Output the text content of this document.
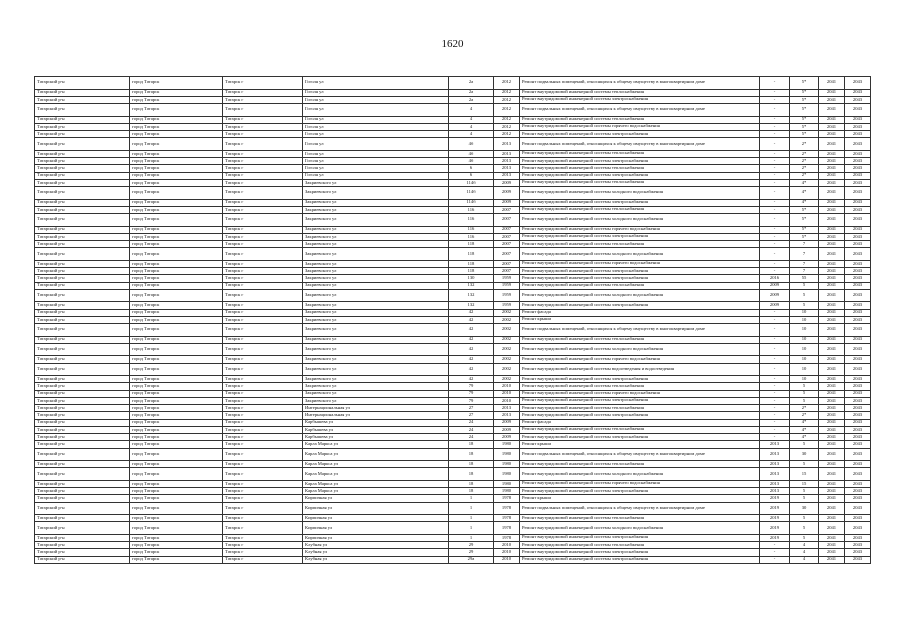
1620
Татарский р-н	город Татарск	Татарск г	Гоголя ул	2а	2012	Ремонт подвальных помещений, относящихся к общему имуществу в многоквартирном доме	-	5*	2041	2043
Татарский р-н	город Татарск	Татарск г	Гоголя ул	2а	2012	Ремонт внутридомовой инженерной системы теплоснабжения	-	5*	2041	2043
Татарский р-н	город Татарск	Татарск г	Гоголя ул	2а	2012	Ремонт внутридомовой инженерной системы электроснабжения	-	5*	2041	2043
Татарский р-н	город Татарск	Татарск г	Гоголя ул	4	2012	Ремонт подвальных помещений, относящихся к общему имуществу в многоквартирном доме	-	5*	2041	2043
Татарский р-н	город Татарск	Татарск г	Гоголя ул	4	2012	Ремонт внутридомовой инженерной системы теплоснабжения	-	5*	2041	2043
Татарский р-н	город Татарск	Татарск г	Гоголя ул	4	2012	Ремонт внутридомовой инженерной системы горячего водоснабжения	-	5*	2041	2043
Татарский р-н	город Татарск	Татарск г	Гоголя ул	4	2012	Ремонт внутридомовой инженерной системы электроснабжения	-	5*	2041	2043
Татарский р-н	город Татарск	Татарск г	Гоголя ул	4б	2013	Ремонт подвальных помещений, относящихся к общему имуществу в многоквартирном доме	-	2*	2041	2043
Татарский р-н	город Татарск	Татарск г	Гоголя ул	4б	2013	Ремонт внутридомовой инженерной системы теплоснабжения	-	2*	2041	2043
Татарский р-н	город Татарск	Татарск г	Гоголя ул	4б	2013	Ремонт внутридомовой инженерной системы электроснабжения	-	2*	2041	2043
Татарский р-н	город Татарск	Татарск г	Гоголя ул	6	2013	Ремонт внутридомовой инженерной системы теплоснабжения	-	2*	2041	2043
Татарский р-н	город Татарск	Татарск г	Гоголя ул	6	2013	Ремонт внутридомовой инженерной системы электроснабжения	-	2*	2041	2043
Татарский р-н	город Татарск	Татарск г	Закриевского ул	114б	2009	Ремонт внутридомовой инженерной системы теплоснабжения	-	4*	2041	2043
Татарский р-н	город Татарск	Татарск г	Закриевского ул	114б	2009	Ремонт внутридомовой инженерной системы холодного водоснабжения	-	4*	2041	2043
Татарский р-н	город Татарск	Татарск г	Закриевского ул	114б	2009	Ремонт внутридомовой инженерной системы электроснабжения	-	4*	2041	2043
Татарский р-н	город Татарск	Татарск г	Закриевского ул	116	2007	Ремонт внутридомовой инженерной системы теплоснабжения	-	5*	2041	2043
Татарский р-н	город Татарск	Татарск г	Закриевского ул	116	2007	Ремонт внутридомовой инженерной системы холодного водоснабжения	-	5*	2041	2043
Татарский р-н	город Татарск	Татарск г	Закриевского ул	116	2007	Ремонт внутридомовой инженерной системы горячего водоснабжения	-	5*	2041	2043
Татарский р-н	город Татарск	Татарск г	Закриевского ул	116	2007	Ремонт внутридомовой инженерной системы электроснабжения	-	5*	2041	2043
Татарский р-н	город Татарск	Татарск г	Закриевского ул	118	2007	Ремонт внутридомовой инженерной системы теплоснабжения	-	7	2041	2043
Татарский р-н	город Татарск	Татарск г	Закриевского ул	118	2007	Ремонт внутридомовой инженерной системы холодного водоснабжения	-	7	2041	2043
Татарский р-н	город Татарск	Татарск г	Закриевского ул	118	2007	Ремонт внутридомовой инженерной системы горячего водоснабжения	-	7	2041	2043
Татарский р-н	город Татарск	Татарск г	Закриевского ул	118	2007	Ремонт внутридомовой инженерной системы электроснабжения	-	7	2041	2043
Татарский р-н	город Татарск	Татарск г	Закриевского ул	130	1959	Ремонт внутридомовой инженерной системы электроснабжения	2016	55	2041	2043
Татарский р-н	город Татарск	Татарск г	Закриевского ул	132	1959	Ремонт внутридомовой инженерной системы теплоснабжения	2009	5	2041	2043
Татарский р-н	город Татарск	Татарск г	Закриевского ул	132	1959	Ремонт внутридомовой инженерной системы холодного водоснабжения	2009	5	2041	2043
Татарский р-н	город Татарск	Татарск г	Закриевского ул	132	1959	Ремонт внутридомовой инженерной системы электроснабжения	2009	5	2041	2043
Татарский р-н	город Татарск	Татарск г	Закриевского ул	42	2002	Ремонт фасада	-	10	2041	2043
Татарский р-н	город Татарск	Татарск г	Закриевского ул	42	2002	Ремонт крыши	-	10	2041	2043
Татарский р-н	город Татарск	Татарск г	Закриевского ул	42	2002	Ремонт подвальных помещений, относящихся к общему имуществу в многоквартирном доме	-	10	2041	2043
Татарский р-н	город Татарск	Татарск г	Закриевского ул	42	2002	Ремонт внутридомовой инженерной системы теплоснабжения	-	10	2041	2043
Татарский р-н	город Татарск	Татарск г	Закриевского ул	42	2002	Ремонт внутридомовой инженерной системы холодного водоснабжения	-	10	2041	2043
Татарский р-н	город Татарск	Татарск г	Закриевского ул	42	2002	Ремонт внутридомовой инженерной системы горячего водоснабжения	-	10	2041	2043
Татарский р-н	город Татарск	Татарск г	Закриевского ул	42	2002	Ремонт внутридомовой инженерной системы водоотведения и водоотведения	-	10	2041	2043
Татарский р-н	город Татарск	Татарск г	Закриевского ул	42	2002	Ремонт внутридомовой инженерной системы электроснабжения	-	10	2041	2043
Татарский р-н	город Татарск	Татарск г	Закриевского ул	79	2010	Ремонт внутридомовой инженерной системы теплоснабжения	-	5	2041	2043
Татарский р-н	город Татарск	Татарск г	Закриевского ул	79	2010	Ремонт внутридомовой инженерной системы горячего водоснабжения	-	5	2041	2043
Татарский р-н	город Татарск	Татарск г	Закриевского ул	79	2010	Ремонт внутридомовой инженерной системы электроснабжения	-	5	2041	2043
Татарский р-н	город Татарск	Татарск г	Интернациональная ул	27	2013	Ремонт внутридомовой инженерной системы теплоснабжения	-	2*	2041	2043
Татарский р-н	город Татарск	Татарск г	Интернациональная ул	27	2013	Ремонт внутридомовой инженерной системы электроснабжения	-	2*	2041	2043
Татарский р-н	город Татарск	Татарск г	Карбышева ул	24	2009	Ремонт фасада	-	4*	2041	2043
Татарский р-н	город Татарск	Татарск г	Карбышева ул	24	2009	Ремонт внутридомовой инженерной системы теплоснабжения	-	4*	2041	2043
Татарский р-н	город Татарск	Татарск г	Карбышева ул	24	2009	Ремонт внутридомовой инженерной системы электроснабжения	-	4*	2041	2043
Татарский р-н	город Татарск	Татарск г	Карла Маркса ул	18	1980	Ремонт крыши	2013	5	2041	2043
Татарский р-н	город Татарск	Татарск г	Карла Маркса ул	18	1980	Ремонт подвальных помещений, относящихся к общему имуществу в многоквартирном доме	2013	30	2041	2043
Татарский р-н	город Татарск	Татарск г	Карла Маркса ул	18	1980	Ремонт внутридомовой инженерной системы теплоснабжения	2013	5	2041	2043
Татарский р-н	город Татарск	Татарск г	Карла Маркса ул	18	1980	Ремонт внутридомовой инженерной системы холодного водоснабжения	2013	15	2041	2043
Татарский р-н	город Татарск	Татарск г	Карла Маркса ул	18	1980	Ремонт внутридомовой инженерной системы горячего водоснабжения	2013	15	2041	2043
Татарский р-н	город Татарск	Татарск г	Карла Маркса ул	18	1980	Ремонт внутридомовой инженерной системы электроснабжения	2013	5	2041	2043
Татарский р-н	город Татарск	Татарск г	Кирпичная ул	1	1978	Ремонт крыши	2019	5	2041	2043
Татарский р-н	город Татарск	Татарск г	Кирпичная ул	1	1978	Ремонт подвальных помещений, относящихся к общему имуществу в многоквартирном доме	2019	30	2041	2043
Татарский р-н	город Татарск	Татарск г	Кирпичная ул	1	1978	Ремонт внутридомовой инженерной системы теплоснабжения	2019	5	2041	2043
Татарский р-н	город Татарск	Татарск г	Кирпичная ул	1	1978	Ремонт внутридомовой инженерной системы холодного водоснабжения	2019	5	2041	2043
Татарский р-н	город Татарск	Татарск г	Кирпичная ул	1	1978	Ремонт внутридомовой инженерной системы электроснабжения	2019	5	2041	2043
Татарский р-н	город Татарск	Татарск г	Клубная ул	29	2010	Ремонт внутридомовой инженерной системы теплоснабжения	-	4	2041	2043
Татарский р-н	город Татарск	Татарск г	Клубная ул	29	2010	Ремонт внутридомовой инженерной системы электроснабжения	-	4	2041	2043
Татарский р-н	город Татарск	Татарск г	Клубная ул	29а	2010	Ремонт внутридомовой инженерной системы электроснабжения	-	4	2041	2043
